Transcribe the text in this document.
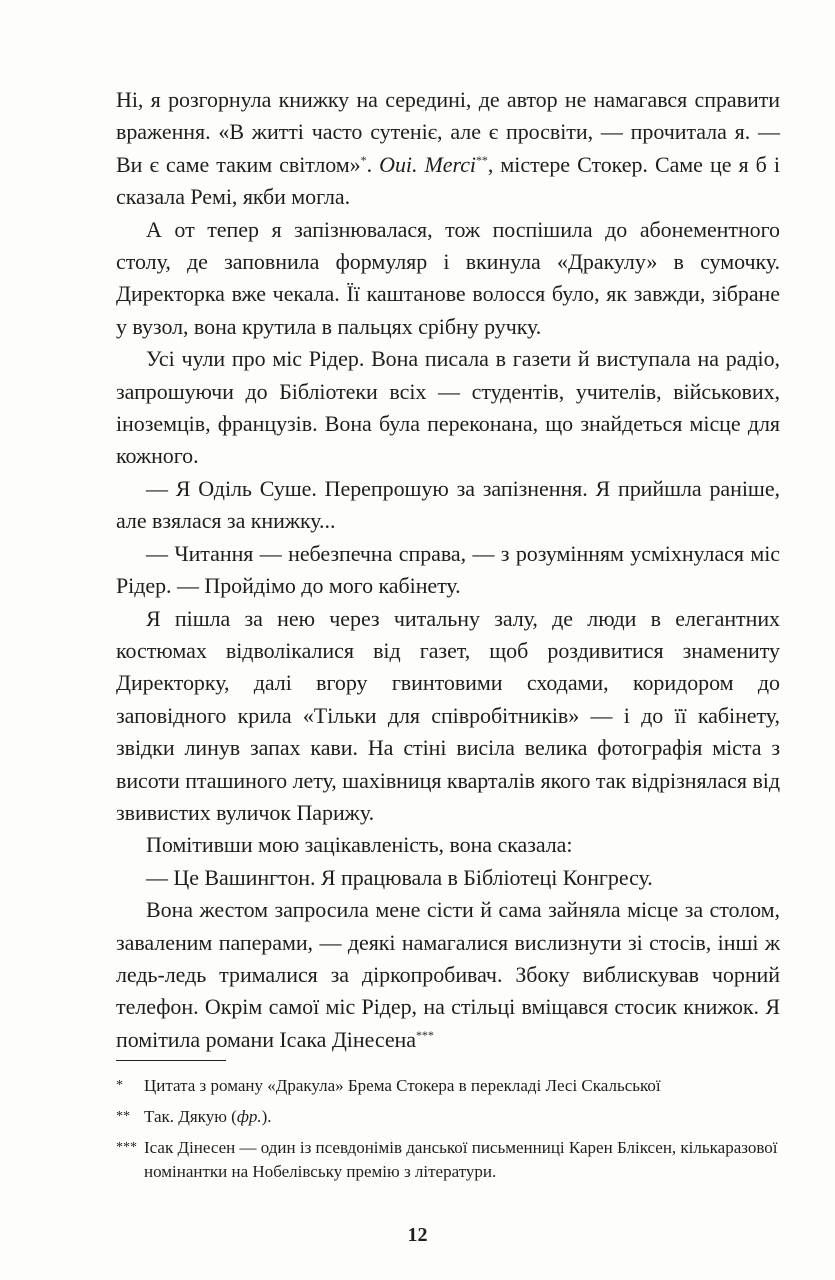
Ні, я розгорнула книжку на середині, де автор не намагався справити враження. «В житті часто сутеніє, але є просвіти, — прочитала я. — Ви є саме таким світлом»*. Oui. Merci**, містере Стокер. Саме це я б і сказала Ремі, якби могла.

А от тепер я запізнювалася, тож поспішила до абонементного столу, де заповнила формуляр і вкинула «Дракулу» в сумочку. Директорка вже чекала. Її каштанове волосся було, як завжди, зібране у вузол, вона крутила в пальцях срібну ручку.

Усі чули про міс Рідер. Вона писала в газети й виступала на радіо, запрошуючи до Бібліотеки всіх — студентів, учителів, військових, іноземців, французів. Вона була переконана, що знайдеться місце для кожного.

— Я Оділь Суше. Перепрошую за запізнення. Я прийшла раніше, але взялася за книжку...

— Читання — небезпечна справа, — з розумінням усміхнулася міс Рідер. — Пройдімо до мого кабінету.

Я пішла за нею через читальну залу, де люди в елегантних костюмах відволікалися від газет, щоб роздивитися знамениту Директорку, далі вгору гвинтовими сходами, коридором до заповідного крила «Тільки для співробітників» — і до її кабінету, звідки линув запах кави. На стіні висіла велика фотографія міста з висоти пташиного лету, шахівниця кварталів якого так відрізнялася від звивистих вуличок Парижу.

Помітивши мою зацікавленість, вона сказала:

— Це Вашингтон. Я працювала в Бібліотеці Конгресу.

Вона жестом запросила мене сісти й сама зайняла місце за столом, заваленим паперами, — деякі намагалися вислизнути зі стосів, інші ж ледь-ледь трималися за діркопробивач. Збоку виблискував чорний телефон. Окрім самої міс Рідер, на стільці вміщався стосик книжок. Я помітила романи Ісака Дінесена***

*	Цитата з роману «Дракула» Брема Стокера в перекладі Лесі Скальської
** Так. Дякую (фр.).
*** Ісак Дінесен — один із псевдонімів данської письменниці Карен Бліксен, кількаразової номінантки на Нобелівську премію з літератури.
12
